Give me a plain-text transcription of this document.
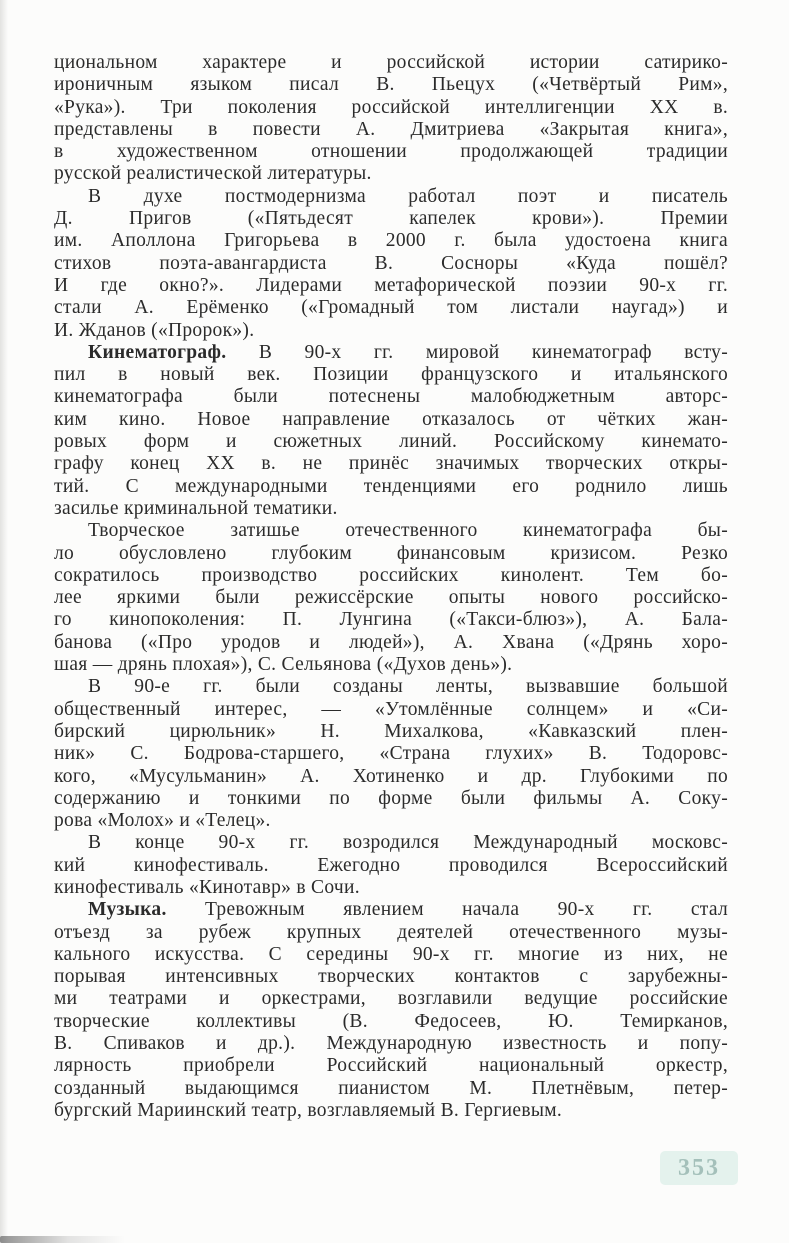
циональном характере и российской истории сатирико-
ироничным языком писал В. Пьецух («Четвёртый Рим»,
«Рука»). Три поколения российской интеллигенции XX в.
представлены в повести А. Дмитриева «Закрытая книга»,
в художественном отношении продолжающей традиции
русской реалистической литературы.
В духе постмодернизма работал поэт и писатель
Д. Пригов («Пятьдесят капелек крови»). Премии
им. Аполлона Григорьева в 2000 г. была удостоена книга
стихов поэта-авангардиста В. Сосноры «Куда пошёл?
И где окно?». Лидерами метафорической поэзии 90-х гг.
стали А. Ерёменко («Громадный том листали наугад») и
И. Жданов («Пророк»).
Кинематограф. В 90-х гг. мировой кинематограф всту-
пил в новый век. Позиции французского и итальянского
кинематографа были потеснены малобюджетным авторс-
ким кино. Новое направление отказалось от чётких жан-
ровых форм и сюжетных линий. Российскому кинемато-
графу конец XX в. не принёс значимых творческих откры-
тий. С международными тенденциями его роднило лишь
засилье криминальной тематики.
Творческое затишье отечественного кинематографа бы-
ло обусловлено глубоким финансовым кризисом. Резко
сократилось производство российских кинолент. Тем бо-
лее яркими были режиссёрские опыты нового российско-
го кинопоколения: П. Лунгина («Такси-блюз»), А. Бала-
банова («Про уродов и людей»), А. Хвана («Дрянь хоро-
шая — дрянь плохая»), С. Сельянова («Духов день»).
В 90-е гг. были созданы ленты, вызвавшие большой
общественный интерес, — «Утомлённые солнцем» и «Си-
бирский цирюльник» Н. Михалкова, «Кавказский плен-
ник» С. Бодрова-старшего, «Страна глухих» В. Тодоровс-
кого, «Мусульманин» А. Хотиненко и др. Глубокими по
содержанию и тонкими по форме были фильмы А. Соку-
рова «Молох» и «Телец».
В конце 90-х гг. возродился Международный московс-
кий кинофестиваль. Ежегодно проводился Всероссийский
кинофестиваль «Кинотавр» в Сочи.
Музыка. Тревожным явлением начала 90-х гг. стал
отъезд за рубеж крупных деятелей отечественного музы-
кального искусства. С середины 90-х гг. многие из них, не
порывая интенсивных творческих контактов с зарубежны-
ми театрами и оркестрами, возглавили ведущие российские
творческие коллективы (В. Федосеев, Ю. Темирканов,
В. Спиваков и др.). Международную известность и попу-
лярность приобрели Российский национальный оркестр,
созданный выдающимся пианистом М. Плетнёвым, петер-
бургский Мариинский театр, возглавляемый В. Гергиевым.
353
